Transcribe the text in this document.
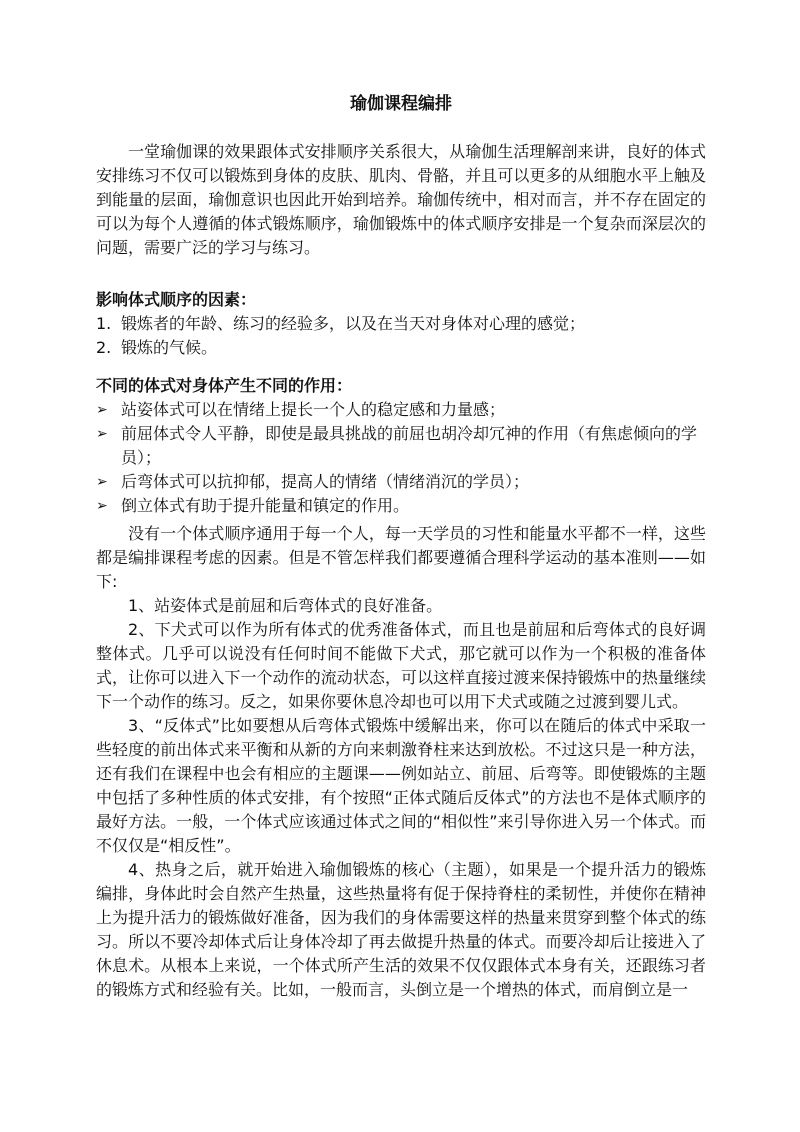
瑜伽课程编排

一堂瑜伽课的效果跟体式安排顺序关系很大，从瑜伽生活理解剖来讲，良好的体式安排练习不仅可以锻炼到身体的皮肤、肌肉、骨骼，并且可以更多的从细胞水平上触及到能量的层面，瑜伽意识也因此开始到培养。瑜伽传统中，相对而言，并不存在固定的可以为每个人遵循的体式锻炼顺序，瑜伽锻炼中的体式顺序安排是一个复杂而深层次的问题，需要广泛的学习与练习。

影响体式顺序的因素：

1. 锻炼者的年龄、练习的经验多，以及在当天对身体对心理的感觉；
2. 锻炼的气候。

不同的体式对身体产生不同的作用：

➢ 站姿体式可以在情绪上提长一个人的稳定感和力量感；
➢ 前屈体式令人平静，即使是最具挑战的前屈也胡冷却冗神的作用（有焦虑倾向的学员）；
➢ 后弯体式可以抗抑郁，提高人的情绪（情绪消沉的学员）；
➢ 倒立体式有助于提升能量和镇定的作用。

没有一个体式顺序通用于每一个人，每一天学员的习性和能量水平都不一样，这些都是编排课程考虑的因素。但是不管怎样我们都要遵循合理科学运动的基本准则——如下:

1、站姿体式是前屈和后弯体式的良好准备。

2、下犬式可以作为所有体式的优秀准备体式，而且也是前屈和后弯体式的良好调整体式。几乎可以说没有任何时间不能做下犬式，那它就可以作为一个积极的准备体式，让你可以进入下一个动作的流动状态，可以这样直接过渡来保持锻炼中的热量继续下一个动作的练习。反之，如果你要休息冷却也可以用下犬式或随之过渡到婴儿式。

3、“反体式”比如要想从后弯体式锻炼中缓解出来，你可以在随后的体式中采取一些轻度的前出体式来平衡和从新的方向来刺激脊柱来达到放松。不过这只是一种方法，还有我们在课程中也会有相应的主题课——例如站立、前屈、后弯等。即使锻炼的主题中包括了多种性质的体式安排，有个按照“正体式随后反体式”的方法也不是体式顺序的最好方法。一般，一个体式应该通过体式之间的“相似性”来引导你进入另一个体式。而不仅仅是“相反性”。

4、热身之后，就开始进入瑜伽锻炼的核心（主题），如果是一个提升活力的锻炼编排，身体此时会自然产生热量，这些热量将有促于保持脊柱的柔韧性，并使你在精神上为提升活力的锻炼做好准备，因为我们的身体需要这样的热量来贯穿到整个体式的练习。所以不要冷却体式后让身体冷却了再去做提升热量的体式。而要冷却后让接进入了休息术。从根本上来说，一个体式所产生活的效果不仅仅跟体式本身有关，还跟练习者的锻炼方式和经验有关。比如，一般而言，头倒立是一个增热的体式，而肩倒立是一
